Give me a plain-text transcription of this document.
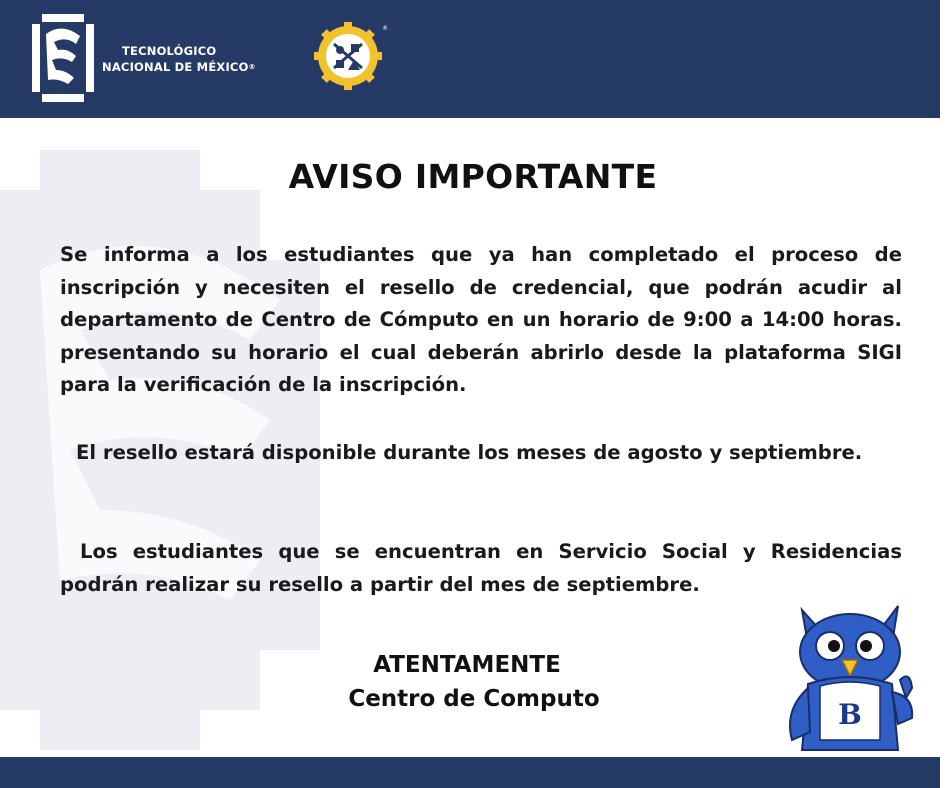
TECNOLÓGICO
NACIONAL DE MÉXICO®
®
AVISO IMPORTANTE
Se informa a los estudiantes que ya han completado el proceso de inscripción y necesiten el resello de credencial, que podrán acudir al departamento de Centro de Cómputo en un horario de 9:00 a 14:00 horas. presentando su horario el cual deberán abrirlo desde la plataforma SIGI para la verificación de la inscripción.
El resello estará disponible durante los meses de agosto y septiembre.
Los estudiantes que se encuentran en Servicio Social y Residencias podrán realizar su resello a partir del mes de septiembre.
ATENTAMENTE
Centro de Computo	B
